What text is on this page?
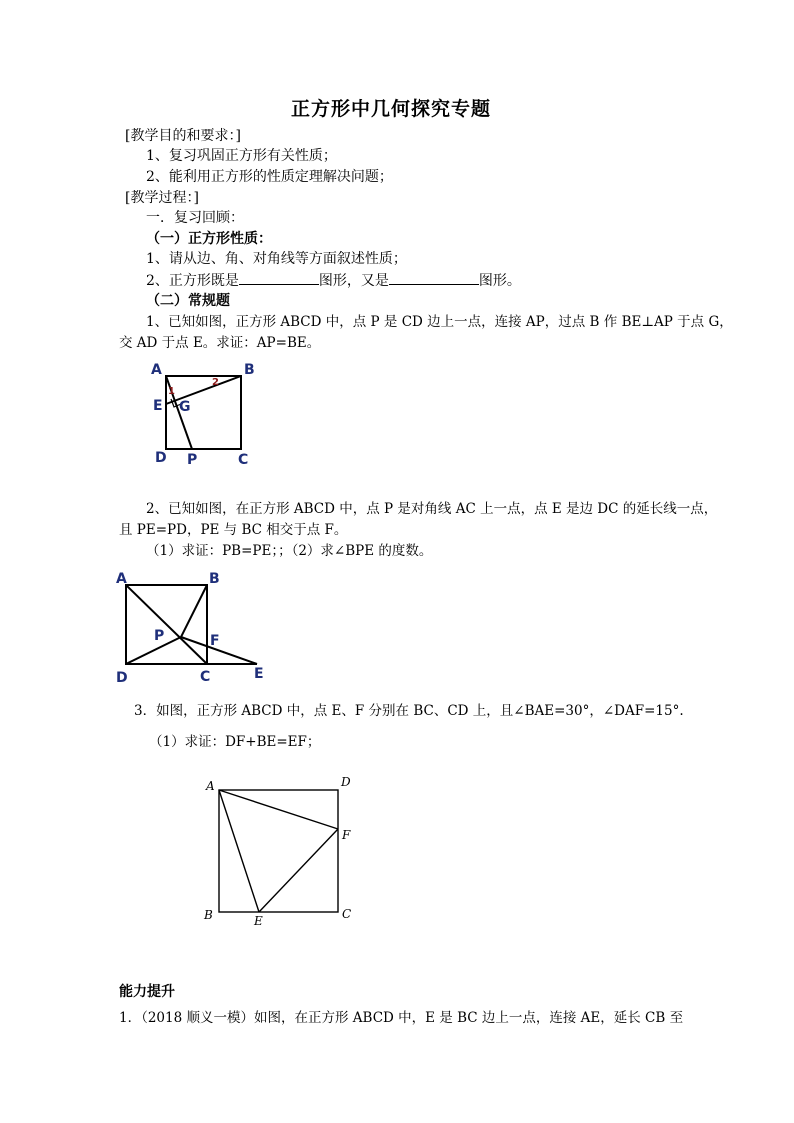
正方形中几何探究专题
[教学目的和要求：]
1、复习巩固正方形有关性质；
2、能利用正方形的性质定理解决问题；
[教学过程：]
一．复习回顾：
（一）正方形性质：
1、请从边、角、对角线等方面叙述性质；
2、正方形既是	图形，又是	图形。
（二）常规题
1、已知如图，正方形 ABCD 中，点 P 是 CD 边上一点，连接 AP，过点 B 作 BE⊥AP 于点 G，
交 AD 于点 E。求证：AP=BE。
A	B
C
D
E G
P
1
2
2、已知如图，在正方形 ABCD 中，点 P 是对角线 AC 上一点，点 E 是边 DC 的延长线一点，
且 PE=PD，PE 与 BC 相交于点 F。
（1）求证：PB=PE；；（2）求∠BPE 的度数。
A	B
C
D	E
F
P
3．如图，正方形 ABCD 中，点 E、F 分别在 BC、CD 上，且∠BAE=30°，∠DAF=15°.
（1）求证：DF+BE=EF；
A	D
F
C
B	E
能力提升
1．（2018 顺义一模）如图，在正方形 ABCD 中，E 是 BC 边上一点，连接 AE，延长 CB 至
